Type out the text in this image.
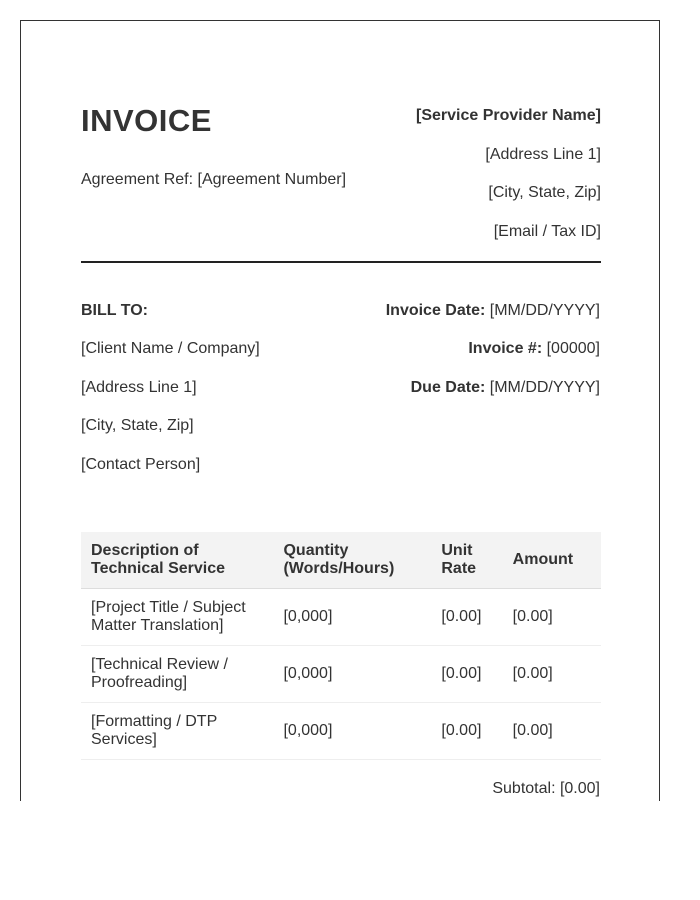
INVOICE
Agreement Ref: [Agreement Number]
[Service Provider Name]
[Address Line 1]
[City, State, Zip]
[Email / Tax ID]
BILL TO:
[Client Name / Company]
[Address Line 1]
[City, State, Zip]
[Contact Person]
Invoice Date: [MM/DD/YYYY]
Invoice #: [00000]
Due Date: [MM/DD/YYYY]
Description of Technical Service	Quantity (Words/Hours)	Unit Rate	Amount
[Project Title / Subject Matter Translation]	[0,000]	[0.00]	[0.00]
[Technical Review / Proofreading]	[0,000]	[0.00]	[0.00]
[Formatting / DTP Services]	[0,000]	[0.00]	[0.00]
Subtotal: [0.00]
